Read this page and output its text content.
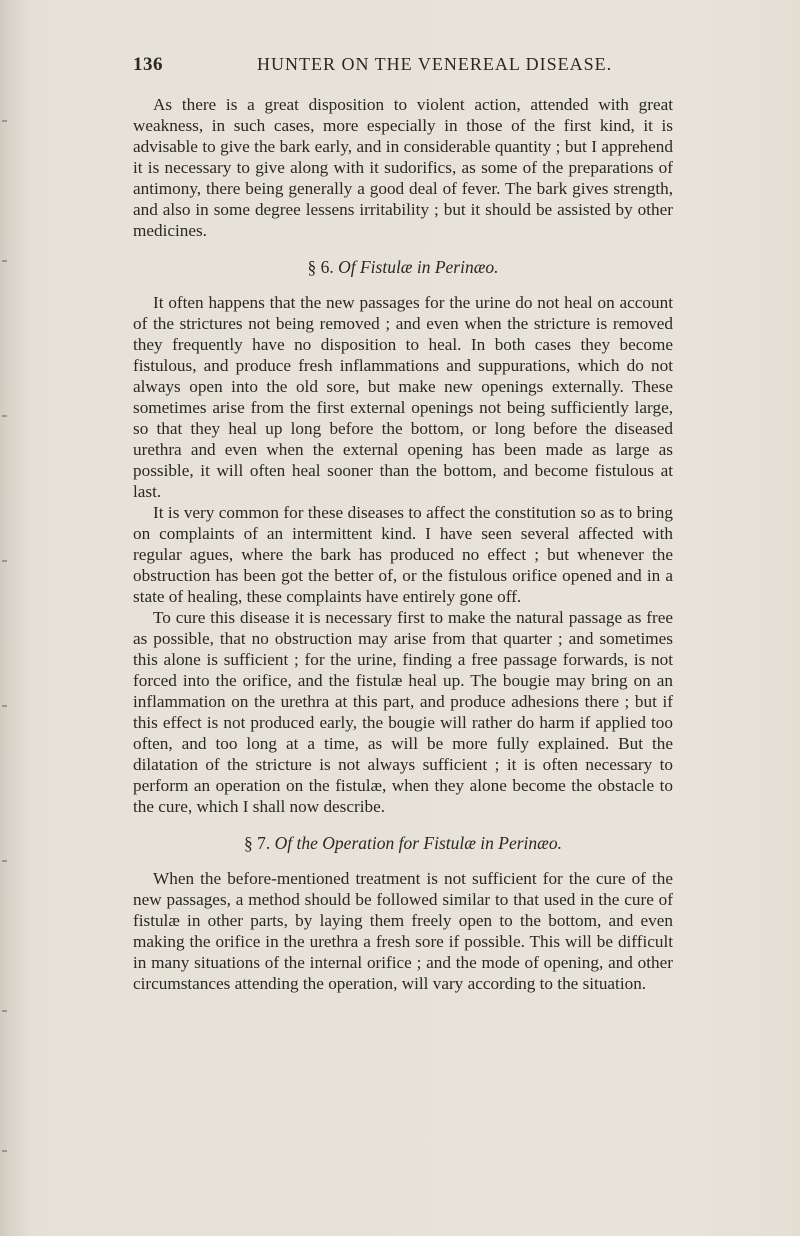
136	HUNTER ON THE VENEREAL DISEASE.

As there is a great disposition to violent action, attended with great weakness, in such cases, more especially in those of the first kind, it is advisable to give the bark early, and in considerable quantity ; but I apprehend it is necessary to give along with it sudorifics, as some of the preparations of antimony, there being generally a good deal of fever. The bark gives strength, and also in some degree lessens irritability ; but it should be assisted by other medicines.

§ 6. Of Fistulæ in Perinæo.

It often happens that the new passages for the urine do not heal on account of the strictures not being removed ; and even when the stricture is removed they frequently have no disposition to heal. In both cases they become fistulous, and produce fresh inflammations and suppurations, which do not always open into the old sore, but make new openings externally. These sometimes arise from the first external openings not being sufficiently large, so that they heal up long before the bottom, or long before the diseased urethra and even when the external opening has been made as large as possible, it will often heal sooner than the bottom, and become fistulous at last.

It is very common for these diseases to affect the constitution so as to bring on complaints of an intermittent kind. I have seen several affected with regular agues, where the bark has produced no effect ; but whenever the obstruction has been got the better of, or the fistulous orifice opened and in a state of healing, these complaints have entirely gone off.

To cure this disease it is necessary first to make the natural passage as free as possible, that no obstruction may arise from that quarter ; and sometimes this alone is sufficient ; for the urine, finding a free passage forwards, is not forced into the orifice, and the fistulæ heal up. The bougie may bring on an inflammation on the urethra at this part, and produce adhesions there ; but if this effect is not produced early, the bougie will rather do harm if applied too often, and too long at a time, as will be more fully explained. But the dilatation of the stricture is not always sufficient ; it is often necessary to perform an operation on the fistulæ, when they alone become the obstacle to the cure, which I shall now describe.

§ 7. Of the Operation for Fistulæ in Perinæo.

When the before-mentioned treatment is not sufficient for the cure of the new passages, a method should be followed similar to that used in the cure of fistulæ in other parts, by laying them freely open to the bottom, and even making the orifice in the urethra a fresh sore if possible. This will be difficult in many situations of the internal orifice ; and the mode of opening, and other circumstances attending the operation, will vary according to the situation.
